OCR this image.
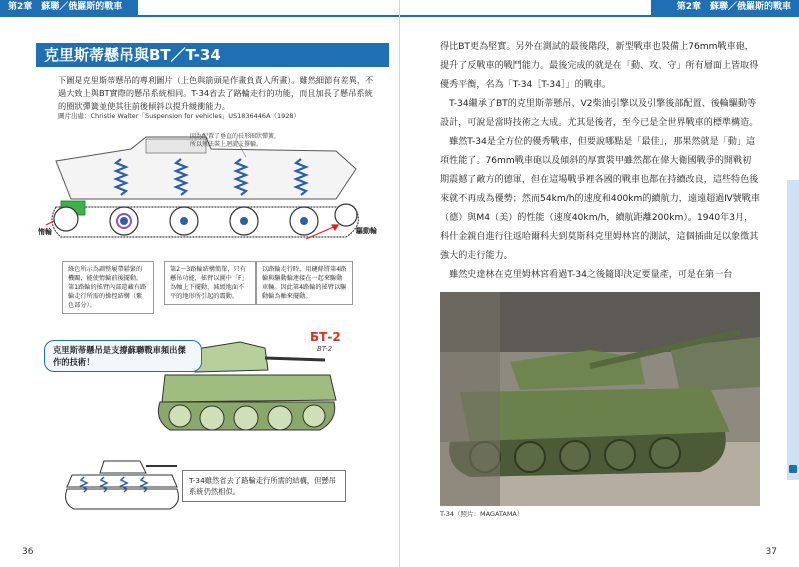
第2章　蘇聯／俄羅斯的戰車	第2章　蘇聯／俄羅斯的戰車
克里斯蒂懸吊與BT／T-34
下圖是克里斯蒂懸吊的專利圖片（上色與箭頭是作畫負責人所畫）。雖然細節有差異，不過大致上與BT實際的懸吊系統相同。T-34省去了路輪走行的功能，而且加長了懸吊系統的圈狀彈簧並使其往前後傾斜以提升緩衝能力。
圖片出處：Christie Walter「Suspension for vehicles」US1836446A（1928）
因為配置了垂直的長形圈狀彈簧，所以無法裝上迴旋支撐輪。
惰輪	驅動輪
綠色所示為調整履帶鬆緊的機關，能使惰輪前後擺動。第1路輪的搖臂內部還藏有路輪走行所需的操控結構（紫色部分）。
第2～3路輪結構簡單，只有懸吊功能，搖臂以圖中「F」為軸上下擺動，減緩地面不平的地形所引起的震動。
以路輪走行時，用鏈條將第4路輪與驅動輪連接在一起來驅動車輛。因此第4路輪的搖臂以驅動輪為軸來擺動。
БТ-2
BT-2
克里斯蒂懸吊是支撐蘇聯戰車頻出傑作的技術！
T-34雖然省去了路輪走行所需的結構，但懸吊系統仍然相似。
36

得比BT更為堅實。另外在測試的最後階段，新型戰車也裝備上76mm戰車砲，提升了反戰車的戰鬥能力。最後完成的就是在「動、攻、守」所有層面上皆取得優秀平衡，名為「T-34［T-34］」的戰車。

T-34繼承了BT的克里斯蒂懸吊、V2柴油引擎以及引擎後部配置、後輪驅動等設計，可說是當時技術之大成。尤其是後者，至今已是全世界戰車的標準構造。

雖然T-34是全方位的優秀戰車，但要說哪點是「最佳」，那果然就是「動」這項性能了。76mm戰車砲以及傾斜的厚實裝甲雖然都在偉大衛國戰爭的開戰初期震撼了敵方的德軍，但在這場戰爭裡各國的戰車也都在持續改良，這些特色後來就不再成為優勢；然而54km/h的速度和400km的續航力，遠遠超過Ⅳ號戰車（德）與M4（美）的性能（速度40km/h，續航距離200km）。1940年3月，科什金親自進行往返哈爾科夫到莫斯科克里姆林宮的測試，這個插曲足以象徵其強大的走行能力。

雖然史達林在克里姆林宮看過T-34之後隨即決定要量產，可是在第一台

T-34（照片：MAGATAMA）
37
